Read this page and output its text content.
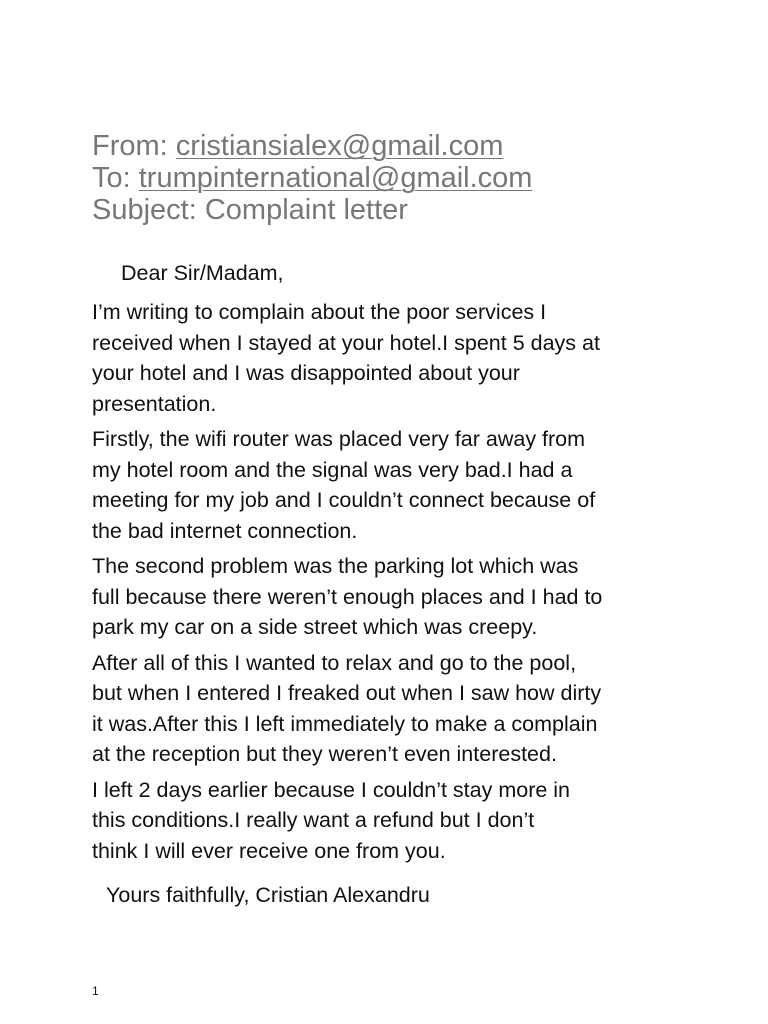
From: cristiansialex@gmail.com
To: trumpinternational@gmail.com
Subject: Complaint letter
Dear Sir/Madam,

I’m writing to complain about the poor services I
received when I stayed at your hotel.I spent 5 days at
your hotel and I was disappointed about your
presentation.

Firstly, the wifi router was placed very far away from
my hotel room and the signal was very bad.I had a
meeting for my job and I couldn’t connect because of
the bad internet connection.

The second problem was the parking lot which was
full because there weren’t enough places and I had to
park my car on a side street which was creepy.

After all of this I wanted to relax and go to the pool,
but when I entered I freaked out when I saw how dirty
it was.After this I left immediately to make a complain
at the reception but they weren’t even interested.

I left 2 days earlier because I couldn’t stay more in
this conditions.I really want a refund but I don’t
think I will ever receive one from you.

Yours faithfully, Cristian Alexandru
1
